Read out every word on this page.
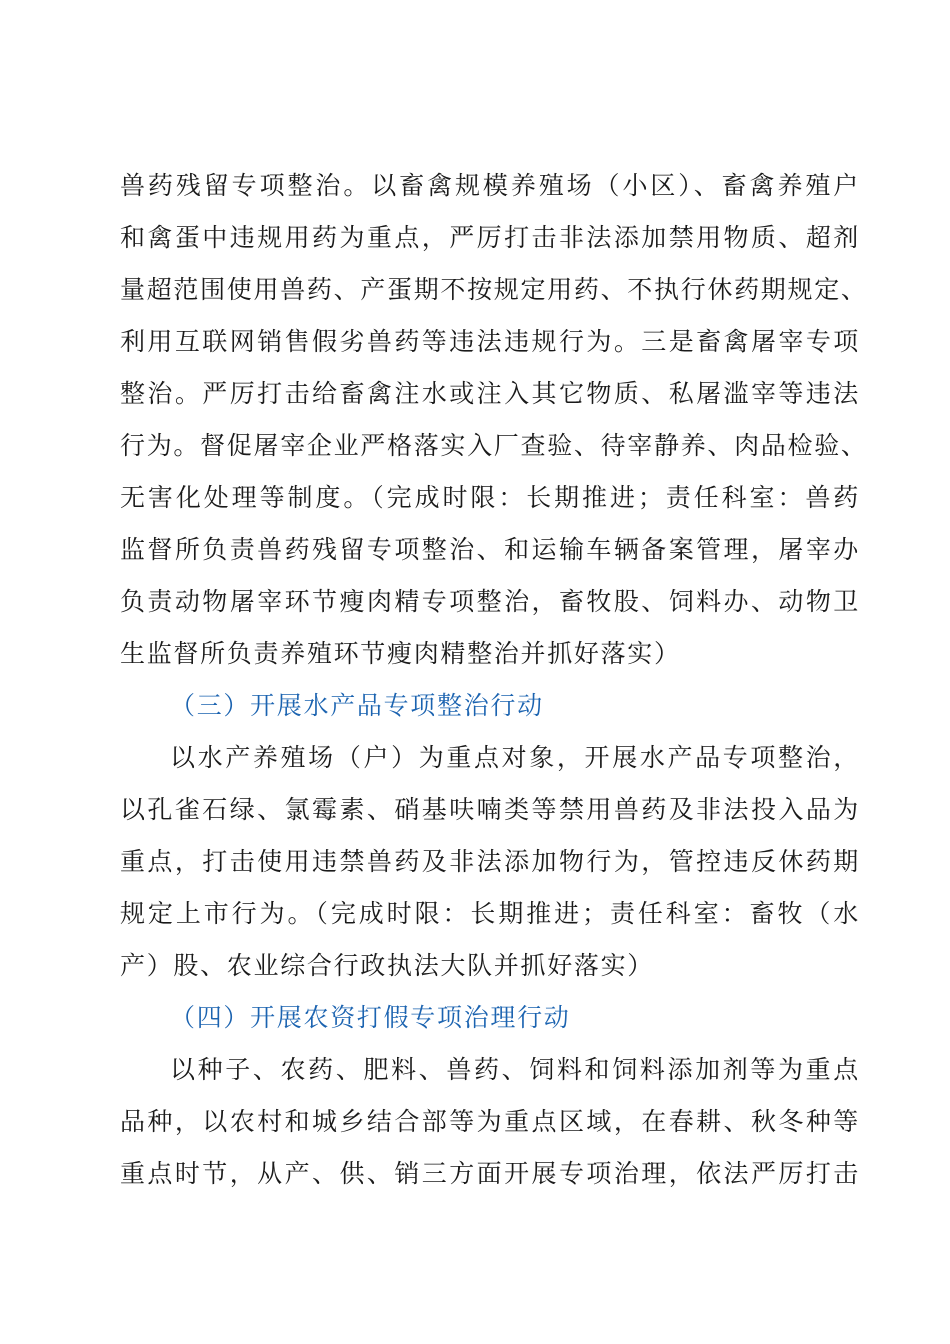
兽药残留专项整治。以畜禽规模养殖场（小区）、畜禽养殖户
和禽蛋中违规用药为重点，严厉打击非法添加禁用物质、超剂
量超范围使用兽药、产蛋期不按规定用药、不执行休药期规定、
利用互联网销售假劣兽药等违法违规行为。三是畜禽屠宰专项
整治。严厉打击给畜禽注水或注入其它物质、私屠滥宰等违法
行为。督促屠宰企业严格落实入厂查验、待宰静养、肉品检验、
无害化处理等制度。（完成时限：长期推进；责任科室：兽药
监督所负责兽药残留专项整治、和运输车辆备案管理，屠宰办
负责动物屠宰环节瘦肉精专项整治，畜牧股、饲料办、动物卫
生监督所负责养殖环节瘦肉精整治并抓好落实）
（三）开展水产品专项整治行动
以水产养殖场（户）为重点对象，开展水产品专项整治，
以孔雀石绿、氯霉素、硝基呋喃类等禁用兽药及非法投入品为
重点，打击使用违禁兽药及非法添加物行为，管控违反休药期
规定上市行为。（完成时限：长期推进；责任科室：畜牧（水
产）股、农业综合行政执法大队并抓好落实）
（四）开展农资打假专项治理行动
以种子、农药、肥料、兽药、饲料和饲料添加剂等为重点
品种，以农村和城乡结合部等为重点区域，在春耕、秋冬种等
重点时节，从产、供、销三方面开展专项治理，依法严厉打击
